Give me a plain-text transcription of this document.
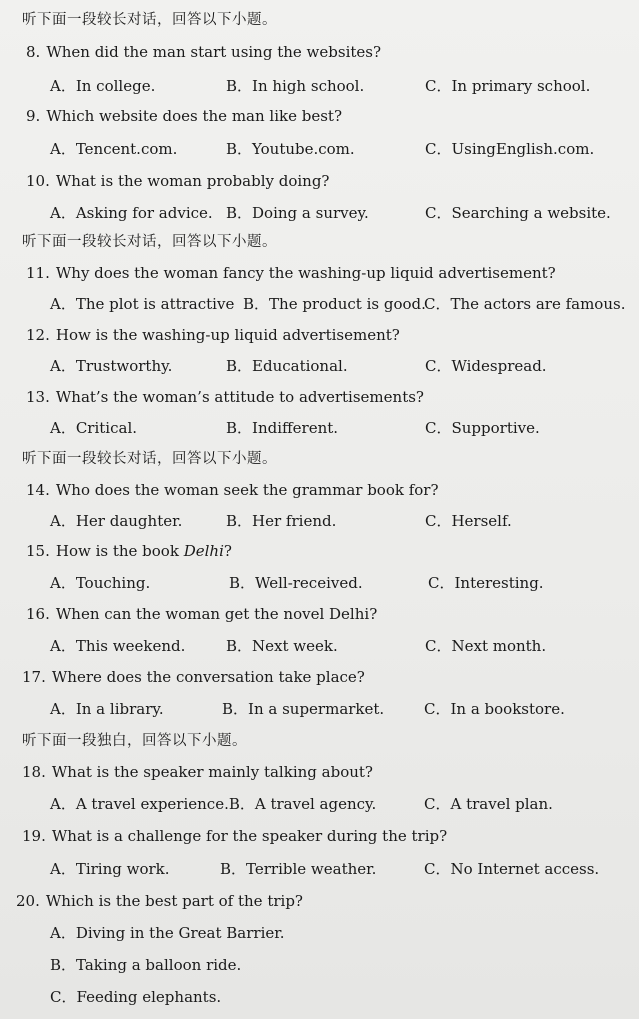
听下面一段较长对话，回答以下小题。
8. When did the man start using the websites?
A．In college.	B．In high school.	C．In primary school.
9. Which website does the man like best?
A．Tencent.com.	B．Youtube.com.	C．UsingEnglish.com.
10. What is the woman probably doing?
A．Asking for advice. B．Doing a survey.	C．Searching a website.
听下面一段较长对话，回答以下小题。
11. Why does the woman fancy the washing-up liquid advertisement?
A．The plot is attractive B．The product is good.
C．The actors are famous.
12. How is the washing-up liquid advertisement?
A．Trustworthy.	B．Educational.	C．Widespread.
13. What’s the woman’s attitude to advertisements?
A．Critical.	B．Indifferent.	C．Supportive.
听下面一段较长对话，回答以下小题。
14. Who does the woman seek the grammar book for?
A．Her daughter.	B．Her friend.	C．Herself.
15. How is the book Delhi?
A．Touching.	B．Well-received.	C．Interesting.
16. When can the woman get the novel Delhi?
A．This weekend.	B．Next week.	C．Next month.
17. Where does the conversation take place?
A．In a library.	B．In a supermarket.	C．In a bookstore.
听下面一段独白，回答以下小题。
18. What is the speaker mainly talking about?
A．A travel experience.B．A travel agency.	C．A travel plan.
19. What is a challenge for the speaker during the trip?
A．Tiring work.	B．Terrible weather.	C．No Internet access.
20. Which is the best part of the trip?
A．Diving in the Great Barrier.
B．Taking a balloon ride.
C．Feeding elephants.
